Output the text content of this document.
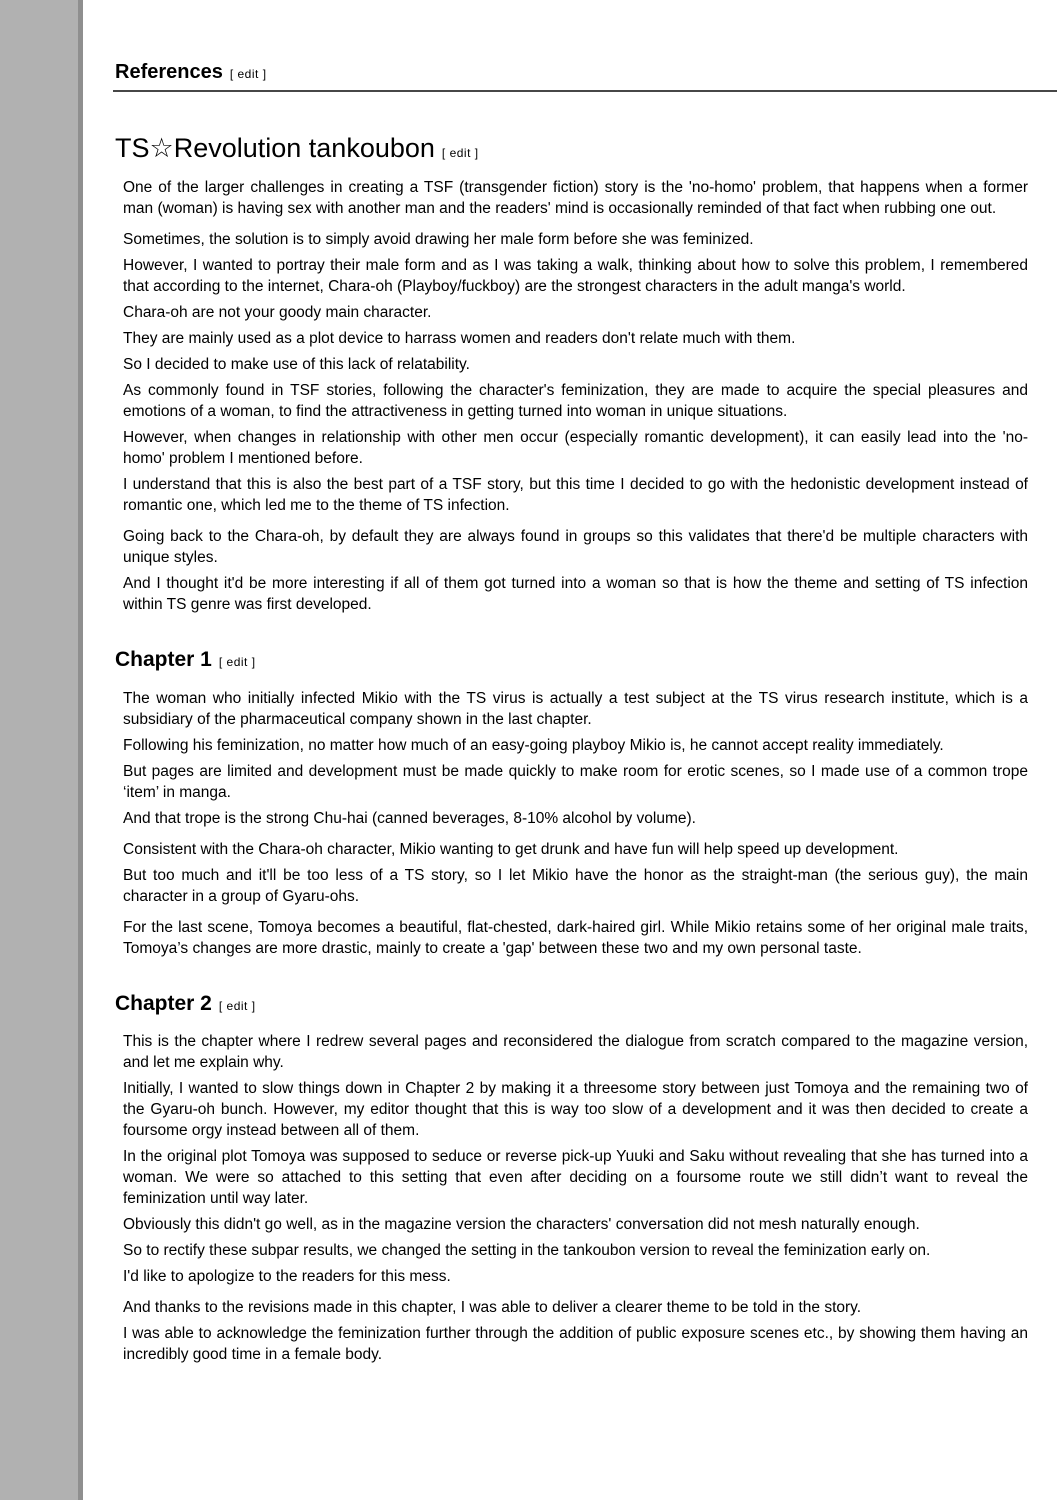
References [ edit ]
TS☆Revolution tankoubon [ edit ]

One of the larger challenges in creating a TSF (transgender fiction) story is the 'no-homo' problem, that happens when a former man (woman) is having sex with another man and the readers' mind is occasionally reminded of that fact when rubbing one out.

Sometimes, the solution is to simply avoid drawing her male form before she was feminized.

However, I wanted to portray their male form and as I was taking a walk, thinking about how to solve this problem, I remembered that according to the internet, Chara-oh (Playboy/fuckboy) are the strongest characters in the adult manga's world.

Chara-oh are not your goody main character.

They are mainly used as a plot device to harrass women and readers don't relate much with them.

So I decided to make use of this lack of relatability.

As commonly found in TSF stories, following the character's feminization, they are made to acquire the special pleasures and emotions of a woman, to find the attractiveness in getting turned into woman in unique situations.

However, when changes in relationship with other men occur (especially romantic development), it can easily lead into the 'no-homo' problem I mentioned before.

I understand that this is also the best part of a TSF story, but this time I decided to go with the hedonistic development instead of romantic one, which led me to the theme of TS infection.

Going back to the Chara-oh, by default they are always found in groups so this validates that there'd be multiple characters with unique styles.

And I thought it'd be more interesting if all of them got turned into a woman so that is how the theme and setting of TS infection within TS genre was first developed.

Chapter 1 [ edit ]

The woman who initially infected Mikio with the TS virus is actually a test subject at the TS virus research institute, which is a subsidiary of the pharmaceutical company shown in the last chapter.

Following his feminization, no matter how much of an easy-going playboy Mikio is, he cannot accept reality immediately.

But pages are limited and development must be made quickly to make room for erotic scenes, so I made use of a common trope ‘item’ in manga.

And that trope is the strong Chu-hai (canned beverages, 8-10% alcohol by volume).

Consistent with the Chara-oh character, Mikio wanting to get drunk and have fun will help speed up development.

But too much and it'll be too less of a TS story, so I let Mikio have the honor as the straight-man (the serious guy), the main character in a group of Gyaru-ohs.

For the last scene, Tomoya becomes a beautiful, flat-chested, dark-haired girl. While Mikio retains some of her original male traits, Tomoya’s changes are more drastic, mainly to create a 'gap' between these two and my own personal taste.

Chapter 2 [ edit ]

This is the chapter where I redrew several pages and reconsidered the dialogue from scratch compared to the magazine version, and let me explain why.

Initially, I wanted to slow things down in Chapter 2 by making it a threesome story between just Tomoya and the remaining two of the Gyaru-oh bunch. However, my editor thought that this is way too slow of a development and it was then decided to create a foursome orgy instead between all of them.

In the original plot Tomoya was supposed to seduce or reverse pick-up Yuuki and Saku without revealing that she has turned into a woman. We were so attached to this setting that even after deciding on a foursome route we still didn’t want to reveal the feminization until way later.

Obviously this didn't go well, as in the magazine version the characters' conversation did not mesh naturally enough.

So to rectify these subpar results, we changed the setting in the tankoubon version to reveal the feminization early on.

I'd like to apologize to the readers for this mess.

And thanks to the revisions made in this chapter, I was able to deliver a clearer theme to be told in the story.

I was able to acknowledge the feminization further through the addition of public exposure scenes etc., by showing them having an incredibly good time in a female body.
